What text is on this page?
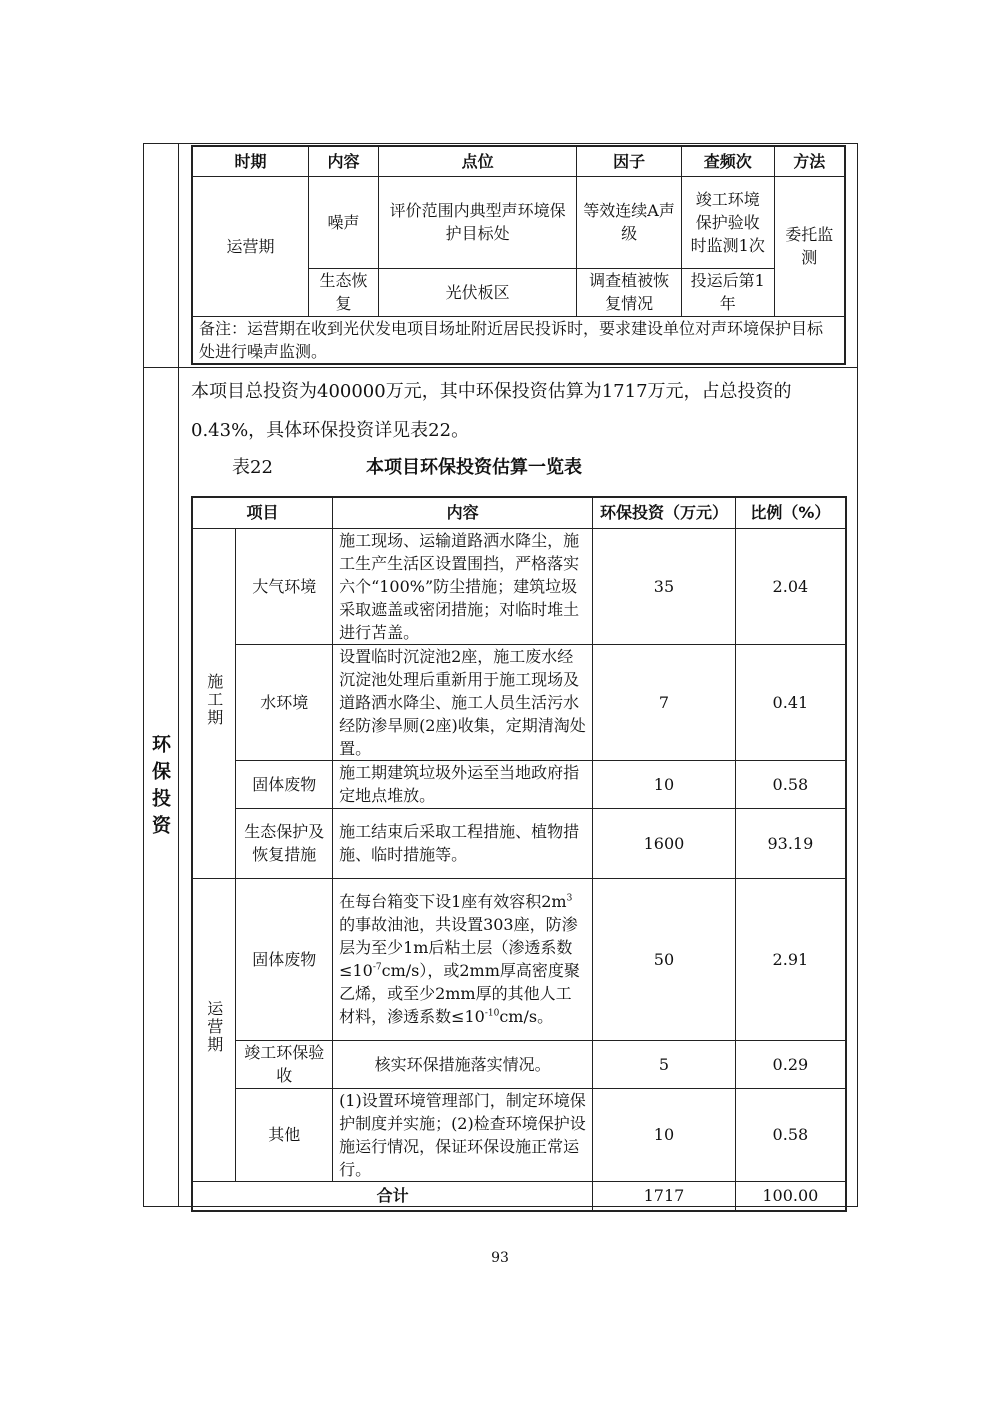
环保投资
时期	内容	点位	因子	查频次	方法
运营期	噪声	评价范围内典型声环境保护目标处	等效连续A声级	竣工环境保护验收时监测1次	委托监测
	生态恢复	光伏板区	调查植被恢复情况	投运后第1年	
备注：运营期在收到光伏发电项目场址附近居民投诉时，要求建设单位对声环境保护目标处进行噪声监测。					
本项目总投资为400000万元，其中环保投资估算为1717万元，占总投资的0.43%，具体环保投资详见表22。
表22	本项目环保投资估算一览表
项目		内容	环保投资（万元）	比例（%）
施工期	大气环境	施工现场、运输道路洒水降尘，施工生产生活区设置围挡，严格落实六个“100%”防尘措施；建筑垃圾采取遮盖或密闭措施；对临时堆土进行苫盖。	35	2.04
	水环境	设置临时沉淀池2座，施工废水经沉淀池处理后重新用于施工现场及道路洒水降尘、施工人员生活污水经防渗旱厕(2座)收集，定期清淘处置。	7	0.41
	固体废物	施工期建筑垃圾外运至当地政府指定地点堆放。	10	0.58
	生态保护及恢复措施	施工结束后采取工程措施、植物措施、临时措施等。	1600	93.19
运营期	固体废物	在每台箱变下设1座有效容积$2m^3$的事故油池，共设置303座，防渗层为至少1m后粘土层（渗透系数$\le 10^{-7}cm/s$），或2mm厚高密度聚乙烯，或至少2mm厚的其他人工材料，渗透系数$\le 10^{-10}cm/s$。	50	2.91
	竣工环保验收	核实环保措施落实情况。	5	0.29
	其他	(1)设置环境管理部门，制定环境保护制度并实施；(2)检查环境保护设施运行情况，保证环保设施正常运行。	10	0.58
合计			1717	100.00
93
